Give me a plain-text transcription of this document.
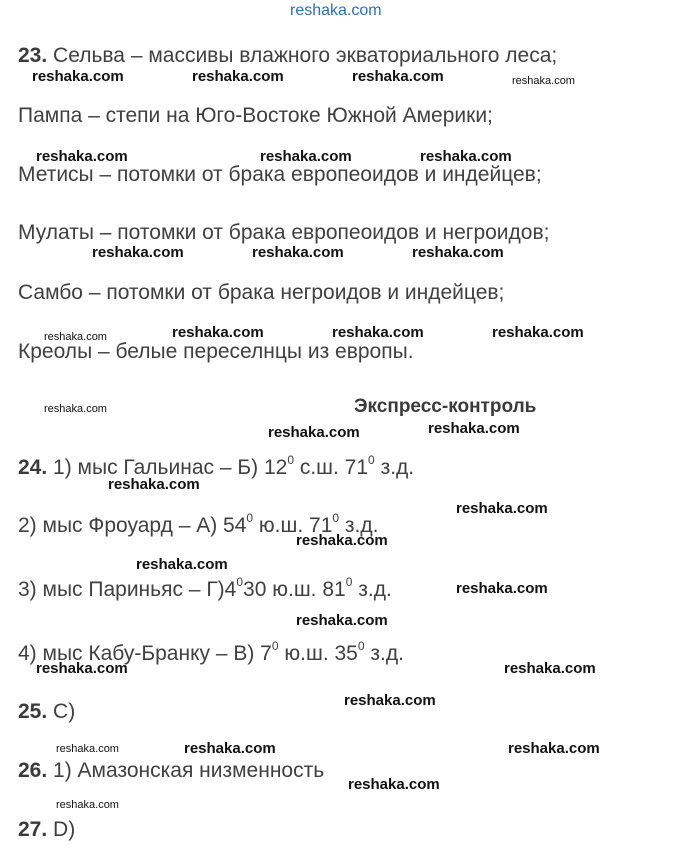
reshaka.com
23. Сельва – массивы влажного экваториального леса;
Пампа – степи на Юго-Востоке Южной Америки;
Метисы – потомки от брака европеоидов и индейцев;
Мулаты – потомки от брака европеоидов и негроидов;
Самбо – потомки от брака негроидов и индейцев;
Креолы – белые переселнцы из европы.
Экспресс-контроль
24. 1) мыс Гальинас – Б) $12^0$ с.ш. $71^0$ з.д.
2) мыс Фроуард – А) $54^0$ ю.ш. $71^0$ з.д.
3) мыс Париньяс – $Г)4^030$ ю.ш. $81^0$ з.д.
4) мыс Кабу-Бранку – В) $7^0$ ю.ш. $35^0$ з.д.
25. C)
26. 1) Амазонская низменность
27. D)
reshaka.com	reshaka.com	reshaka.com	reshaka.com
reshaka.com	reshaka.com	reshaka.com
reshaka.com	reshaka.com	reshaka.com
reshaka.com	reshaka.com	reshaka.com	reshaka.com
reshaka.com
reshaka.com	reshaka.com
reshaka.com
reshaka.com
reshaka.com
reshaka.com
reshaka.com
reshaka.com
reshaka.com	reshaka.com
reshaka.com
reshaka.com	reshaka.com	reshaka.com
reshaka.com
reshaka.com
